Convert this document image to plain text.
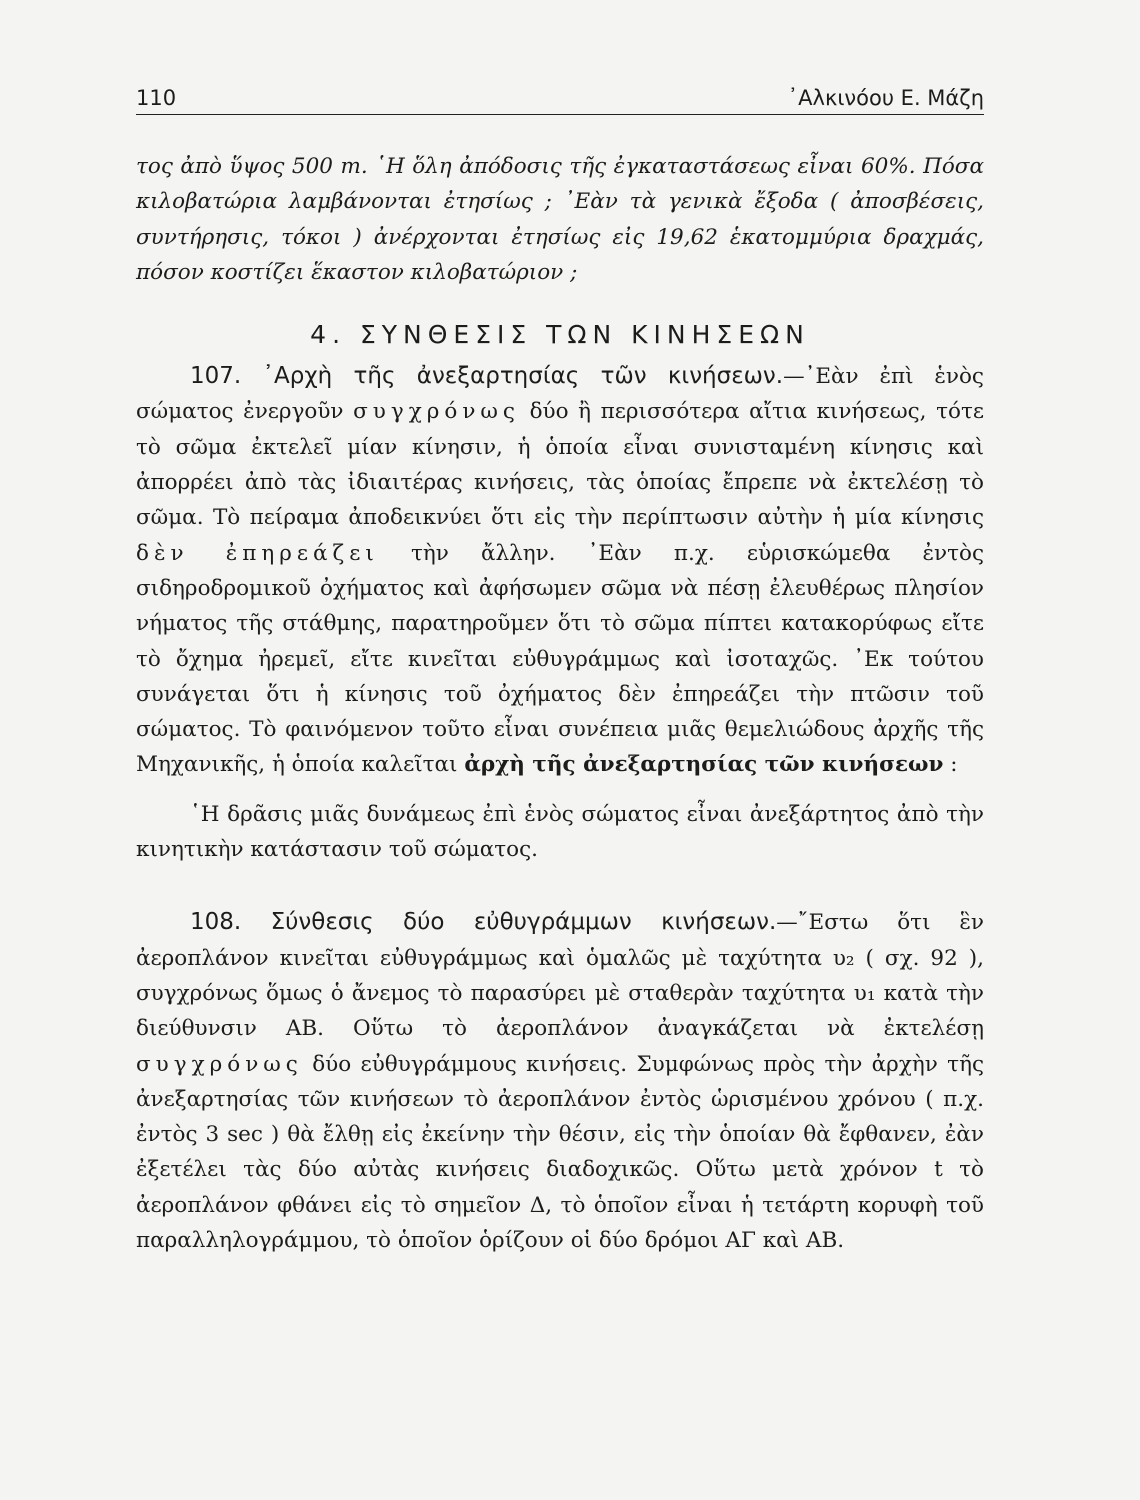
110	᾿Αλκινόου Ε. Μάζη

τος ἀπὸ ὕψος 500 m. ῾Η ὅλη ἀπόδοσις τῆς ἐγκαταστάσεως εἶναι 60%. Πόσα κιλοβατώρια λαμβάνονται ἐτησίως ; ᾿Εὰν τὰ γενικὰ ἔξοδα ( ἀποσβέσεις, συντήρησις, τόκοι ) ἀνέρχονται ἐτησίως εἰς 19,62 ἑκατομμύρια δραχμάς, πόσον κοστίζει ἕκαστον κιλοβατώριον ;

4. ΣΥΝΘΕΣΙΣ ΤΩΝ ΚΙΝΗΣΕΩΝ

107. ᾿Αρχὴ τῆς ἀνεξαρτησίας τῶν κινήσεων.—᾿Εὰν ἐπὶ ἑνὸς σώματος ἐνεργοῦν συγχρόνως δύο ἢ περισσότερα αἴτια κινήσεως, τότε τὸ σῶμα ἐκτελεῖ μίαν κίνησιν, ἡ ὁποία εἶναι συνισταμένη κίνησις καὶ ἀπορρέει ἀπὸ τὰς ἰδιαιτέρας κινήσεις, τὰς ὁποίας ἔπρεπε νὰ ἐκτελέσῃ τὸ σῶμα. Τὸ πείραμα ἀποδεικνύει ὅτι εἰς τὴν περίπτωσιν αὐτὴν ἡ μία κίνησις δὲν ἐπηρεάζει τὴν ἄλλην. ᾿Εὰν π.χ. εὑρισκώμεθα ἐντὸς σιδηροδρομικοῦ ὀχήματος καὶ ἀφήσωμεν σῶμα νὰ πέσῃ ἐλευθέρως πλησίον νήματος τῆς στάθμης, παρατηροῦμεν ὅτι τὸ σῶμα πίπτει κατακορύφως εἴτε τὸ ὄχημα ἠρεμεῖ, εἴτε κινεῖται εὐθυγράμμως καὶ ἰσοταχῶς. ᾿Εκ τούτου συνάγεται ὅτι ἡ κίνησις τοῦ ὀχήματος δὲν ἐπηρεάζει τὴν πτῶσιν τοῦ σώματος. Τὸ φαινόμενον τοῦτο εἶναι συνέπεια μιᾶς θεμελιώδους ἀρχῆς τῆς Μηχανικῆς, ἡ ὁποία καλεῖται ἀρχὴ τῆς ἀνεξαρτησίας τῶν κινήσεων :

῾Η δρᾶσις μιᾶς δυνάμεως ἐπὶ ἑνὸς σώματος εἶναι ἀνεξάρτητος ἀπὸ τὴν κινητικὴν κατάστασιν τοῦ σώματος.

108. Σύνθεσις δύο εὐθυγράμμων κινήσεων.—῎Εστω ὅτι ἓν ἀεροπλάνον κινεῖται εὐθυγράμμως καὶ ὁμαλῶς μὲ ταχύτητα υ₂ ( σχ. 92 ), συγχρόνως ὅμως ὁ ἄνεμος τὸ παρασύρει μὲ σταθερὰν ταχύτητα υ₁ κατὰ τὴν διεύθυνσιν ΑΒ. Οὕτω τὸ ἀεροπλάνον ἀναγκάζεται νὰ ἐκτελέσῃ συγχρόνως δύο εὐθυγράμμους κινήσεις. Συμφώνως πρὸς τὴν ἀρχὴν τῆς ἀνεξαρτησίας τῶν κινήσεων τὸ ἀεροπλάνον ἐντὸς ὡρισμένου χρόνου ( π.χ. ἐντὸς 3 sec ) θὰ ἔλθῃ εἰς ἐκείνην τὴν θέσιν, εἰς τὴν ὁποίαν θὰ ἔφθανεν, ἐὰν ἐξετέλει τὰς δύο αὐτὰς κινήσεις διαδοχικῶς. Οὕτω μετὰ χρόνον t τὸ ἀεροπλάνον φθάνει εἰς τὸ σημεῖον Δ, τὸ ὁποῖον εἶναι ἡ τετάρτη κορυφὴ τοῦ παραλληλογράμμου, τὸ ὁποῖον ὁρίζουν οἱ δύο δρόμοι ΑΓ καὶ ΑΒ.
